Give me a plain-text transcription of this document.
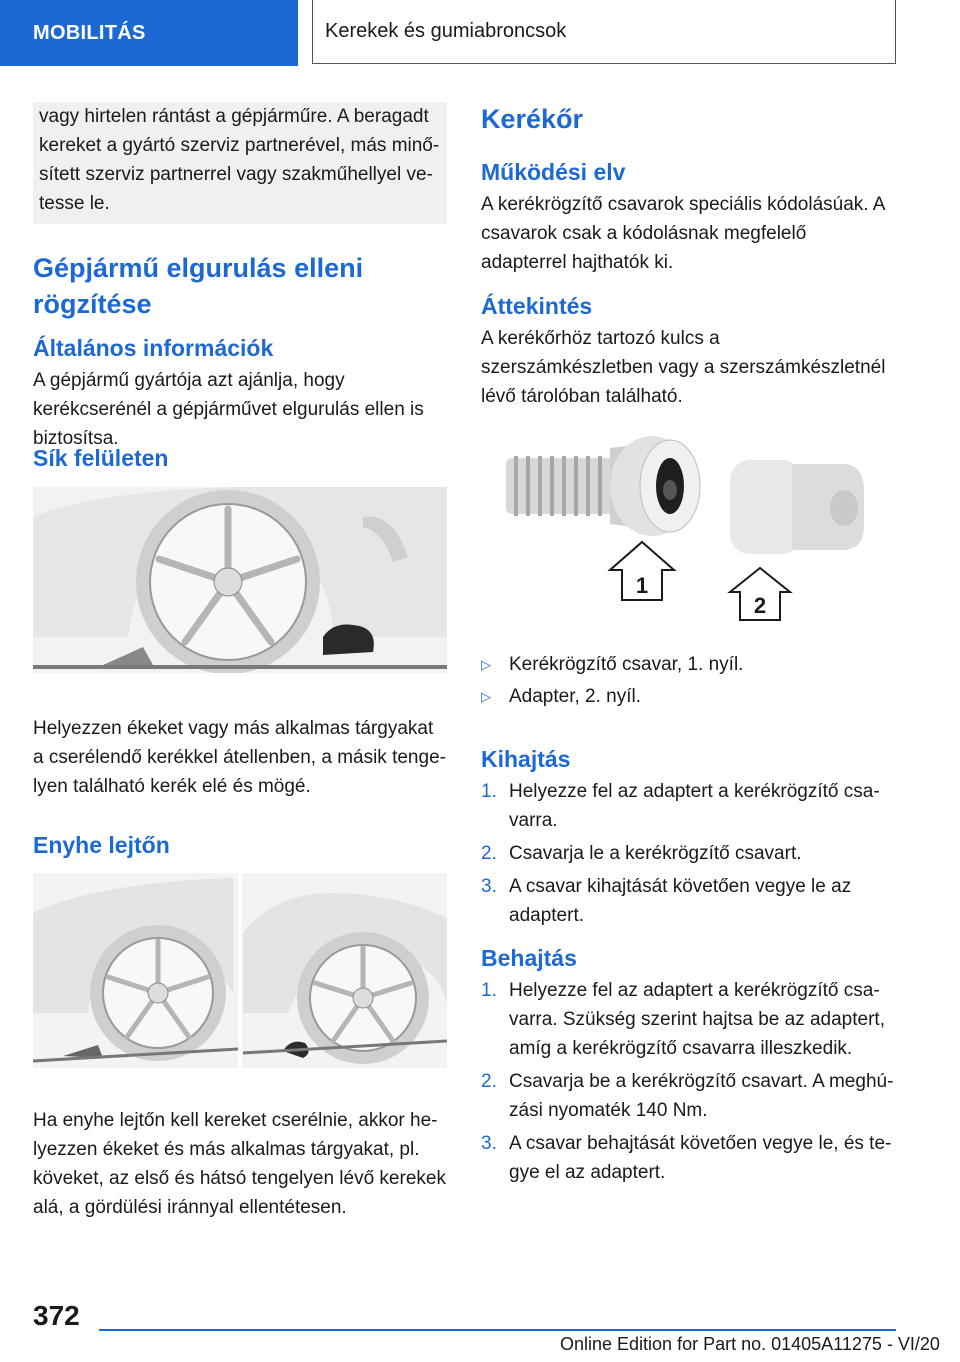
MOBILITÁS	Kerekek és gumiabroncsok

vagy hirtelen rántást a gépjárműre. A beragadt kereket a gyártó szerviz partnerével, más minősített szerviz partnerrel vagy szakműhellyel vetesse le.

Gépjármű elgurulás elleni
rögzítése
Általános információk

A gépjármű gyártója azt ajánlja, hogy kerékcserénél a gépjárművet elgurulás ellen is biztosítsa.

Sík felületen

Helyezzen ékeket vagy más alkalmas tárgyakat a cserélendő kerékkel átellenben, a másik tengelyen található kerék elé és mögé.

Enyhe lejtőn

Ha enyhe lejtőn kell kereket cserélnie, akkor helyezzen ékeket és más alkalmas tárgyakat, pl. köveket, az első és hátsó tengelyen lévő kerekek alá, a gördülési iránnyal ellentétesen.

Kerékőr
Működési elv

A kerékrögzítő csavarok speciális kódolásúak. A csavarok csak a kódolásnak megfelelő adapterrel hajthatók ki.

Áttekintés

A kerékőrhöz tartozó kulcs a szerszámkészletben vagy a szerszámkészletnél lévő tárolóban található.

1
2
▷ Kerékrögzítő csavar, 1. nyíl.
▷ Adapter, 2. nyíl.
Kihajtás
1. Helyezze fel az adaptert a kerékrögzítő csavarra.
2. Csavarja le a kerékrögzítő csavart.
3. A csavar kihajtását követően vegye le az adaptert.
Behajtás
1. Helyezze fel az adaptert a kerékrögzítő csavarra. Szükség szerint hajtsa be az adaptert, amíg a kerékrögzítő csavarra illeszkedik.
2. Csavarja be a kerékrögzítő csavart. A meghúzási nyomaték 140 Nm.
3. A csavar behajtását követően vegye le, és tegye el az adaptert.
372
Online Edition for Part no. 01405A11275 - VI/20
